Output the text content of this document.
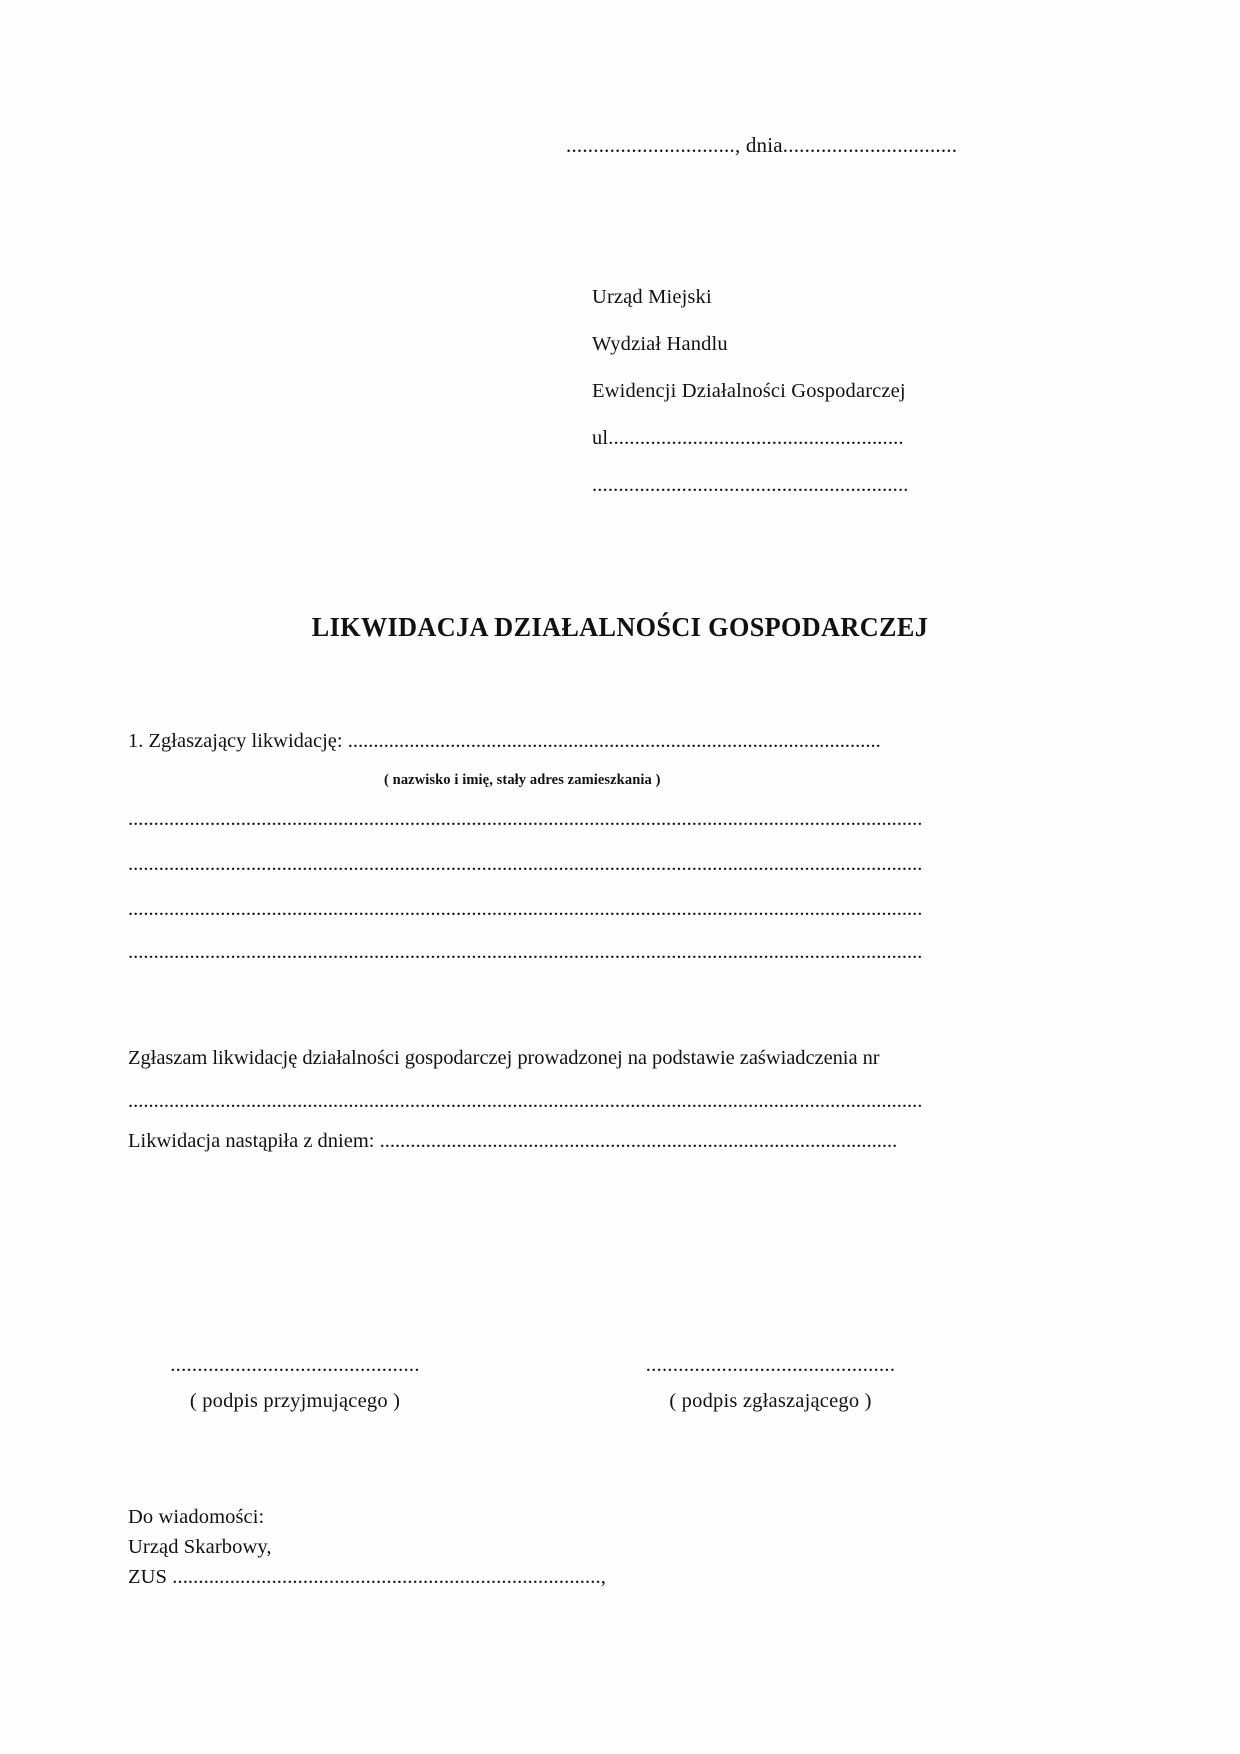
..............................., dnia................................
Urząd Miejski
Wydział Handlu
Ewidencji Działalności Gospodarczej
ul........................................................
............................................................
LIKWIDACJA DZIAŁALNOŚCI GOSPODARCZEJ
1. Zgłaszający likwidację: ........................................................................................................
( nazwisko i imię, stały adres zamieszkania )
...........................................................................................................................................................
...........................................................................................................................................................
...........................................................................................................................................................
...........................................................................................................................................................
Zgłaszam likwidację działalności gospodarczej prowadzonej na podstawie zaświadczenia nr
...........................................................................................................................................................
Likwidacja nastąpiła z dniem: .....................................................................................................
..............................................
( podpis przyjmującego )
..............................................
( podpis zgłaszającego )
Do wiadomości:
Urząd Skarbowy,
ZUS ..................................................................................,
